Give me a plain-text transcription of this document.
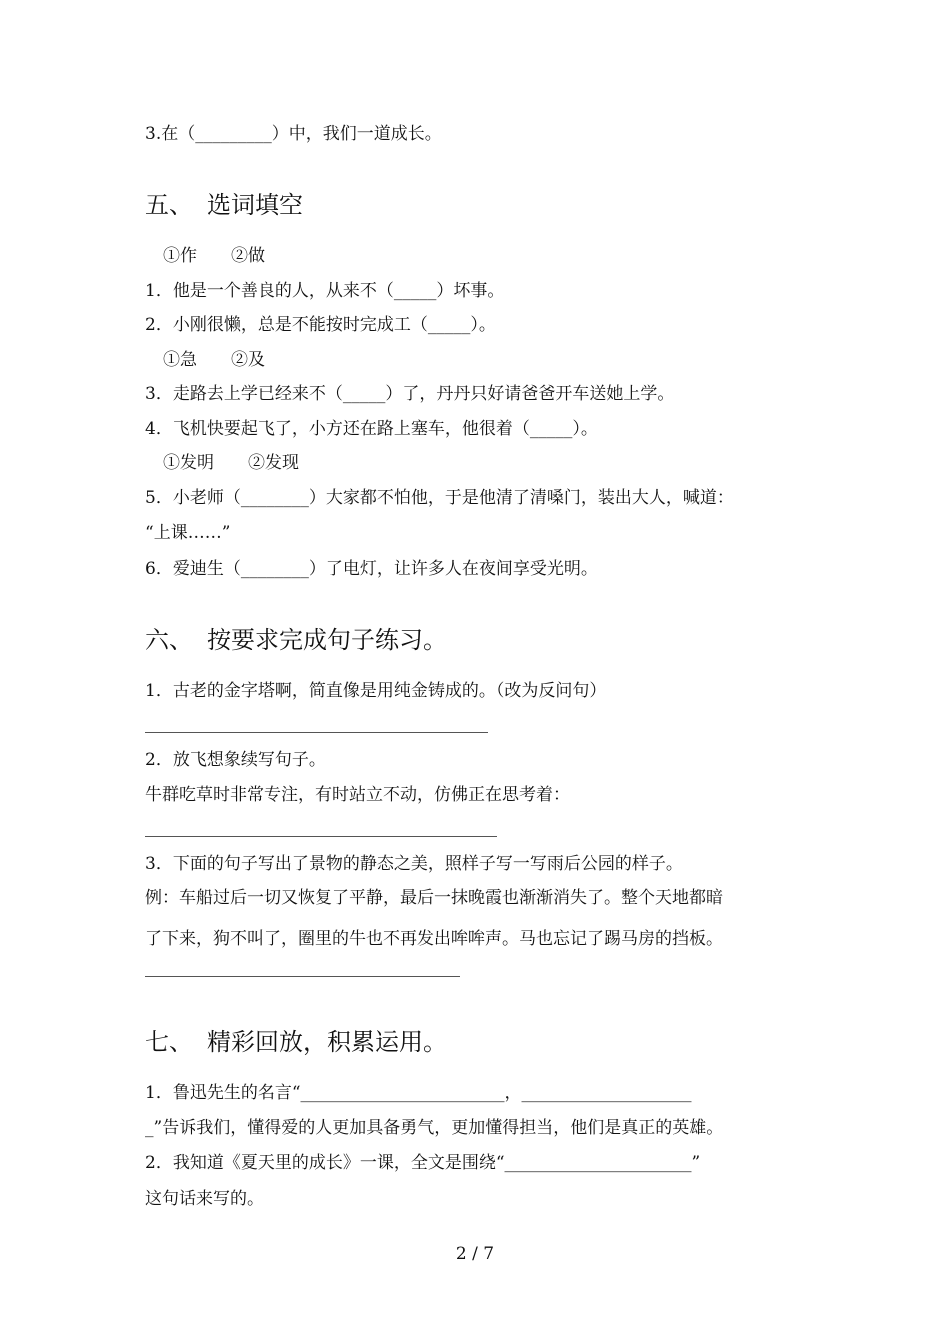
3.在（_________）中，我们一道成长。
五、 选词填空
①作 ②做
1．他是一个善良的人，从来不（_____）坏事。
2．小刚很懒，总是不能按时完成工（_____）。
①急 ②及
3．走路去上学已经来不（_____）了，丹丹只好请爸爸开车送她上学。
4．飞机快要起飞了，小方还在路上塞车，他很着（_____）。
①发明 ②发现
5．小老师（________）大家都不怕他，于是他清了清嗓门，装出大人，喊道：
“上课……”
6．爱迪生（________）了电灯，让许多人在夜间享受光明。
六、 按要求完成句子练习。
1．古老的金字塔啊，简直像是用纯金铸成的。（改为反问句）
2．放飞想象续写句子。
牛群吃草时非常专注，有时站立不动，仿佛正在思考着：
3．下面的句子写出了景物的静态之美，照样子写一写雨后公园的样子。
例：车船过后一切又恢复了平静，最后一抹晚霞也渐渐消失了。整个天地都暗
了下来，狗不叫了，圈里的牛也不再发出哞哞声。马也忘记了踢马房的挡板。
七、 精彩回放，积累运用。
1．鲁迅先生的名言“________________________，____________________
_”告诉我们，懂得爱的人更加具备勇气，更加懂得担当，他们是真正的英雄。
2．我知道《夏天里的成长》一课，全文是围绕“______________________”
这句话来写的。
2 / 7
